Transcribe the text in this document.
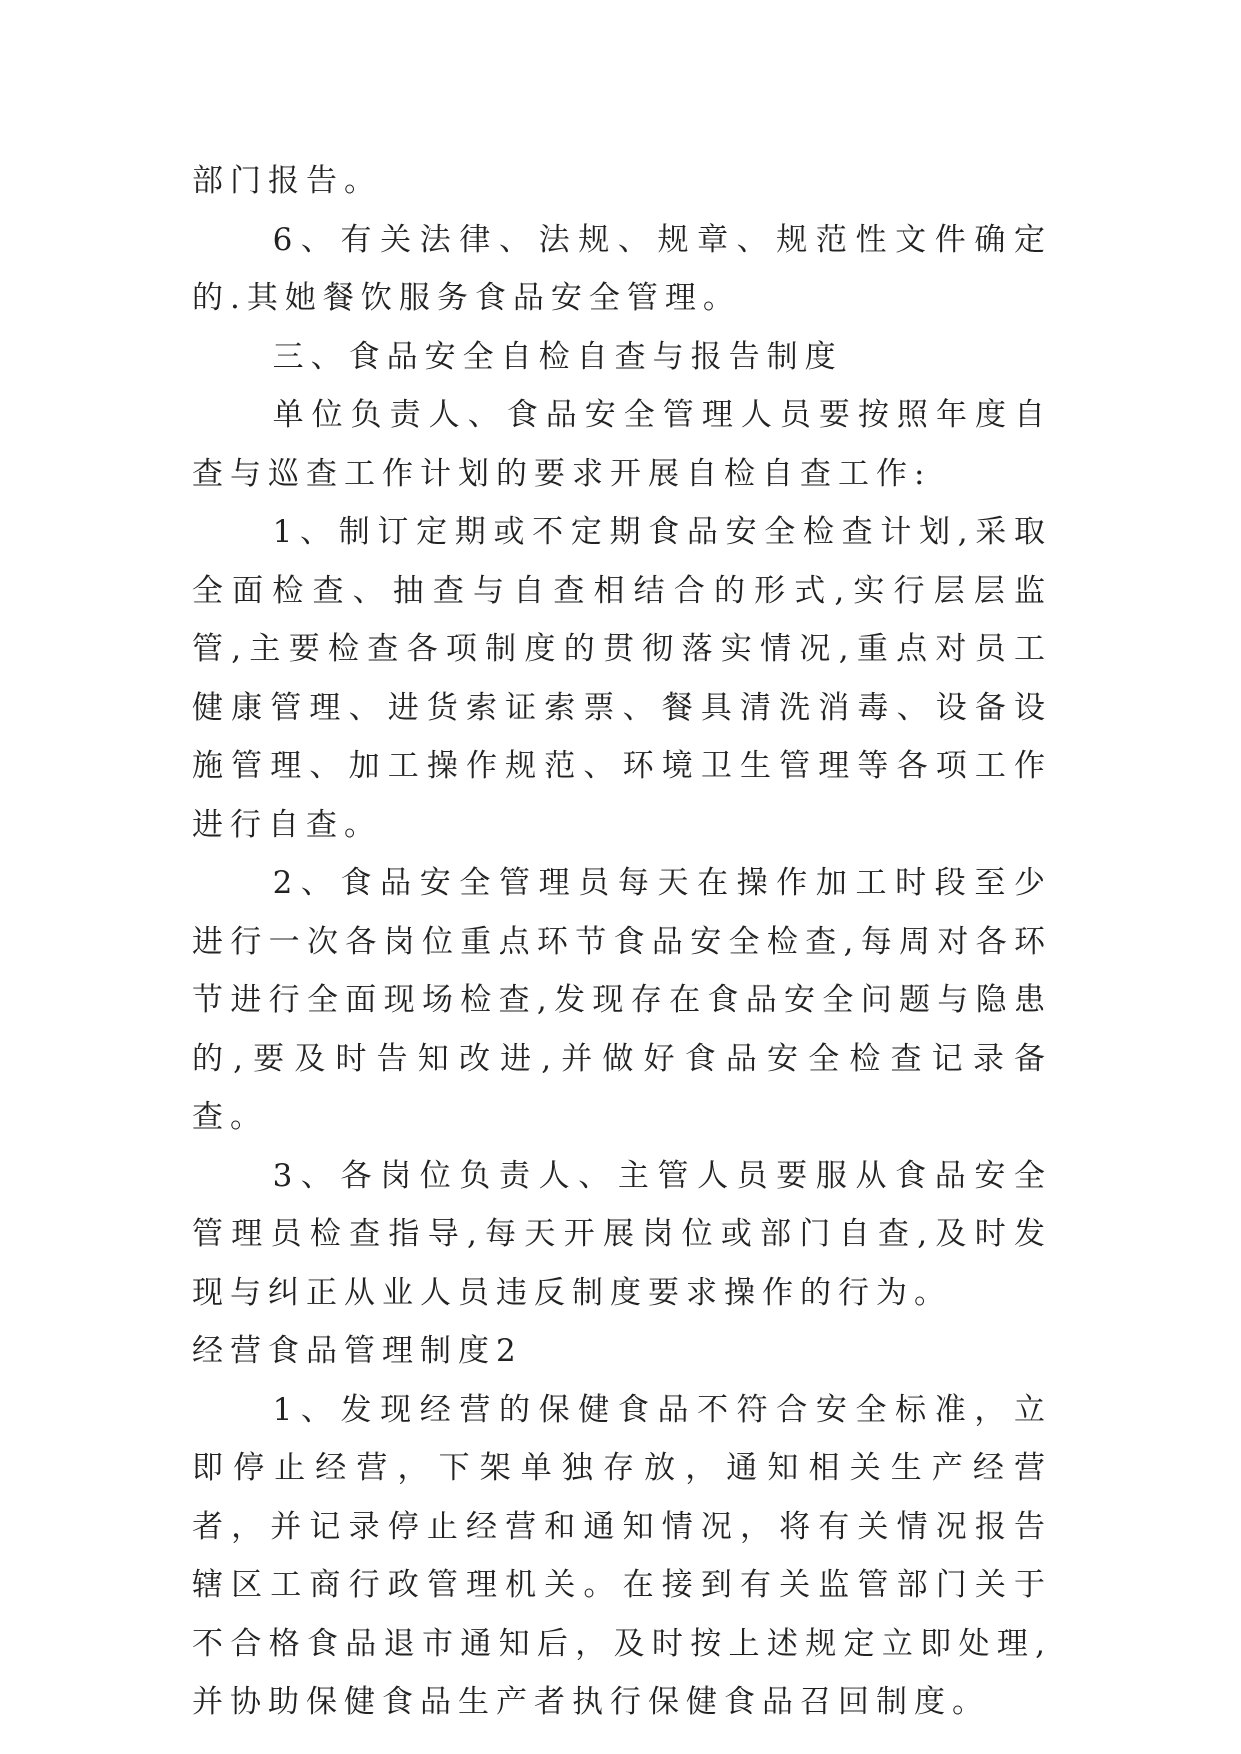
部门报告。

6、有关法律、法规、规章、规范性文件确定的.其她餐饮服务食品安全管理。

三、食品安全自检自查与报告制度

单位负责人、食品安全管理人员要按照年度自查与巡查工作计划的要求开展自检自查工作:

1、制订定期或不定期食品安全检查计划,采取全面检查、抽查与自查相结合的形式,实行层层监管,主要检查各项制度的贯彻落实情况,重点对员工健康管理、进货索证索票、餐具清洗消毒、设备设施管理、加工操作规范、环境卫生管理等各项工作进行自查。

2、食品安全管理员每天在操作加工时段至少进行一次各岗位重点环节食品安全检查,每周对各环节进行全面现场检查,发现存在食品安全问题与隐患的,要及时告知改进,并做好食品安全检查记录备查。

3、各岗位负责人、主管人员要服从食品安全管理员检查指导,每天开展岗位或部门自查,及时发现与纠正从业人员违反制度要求操作的行为。

经营食品管理制度2

1、发现经营的保健食品不符合安全标准，立即停止经营，下架单独存放，通知相关生产经营者，并记录停止经营和通知情况，将有关情况报告辖区工商行政管理机关。在接到有关监管部门关于不合格食品退市通知后，及时按上述规定立即处理,并协助保健食品生产者执行保健食品召回制度。
